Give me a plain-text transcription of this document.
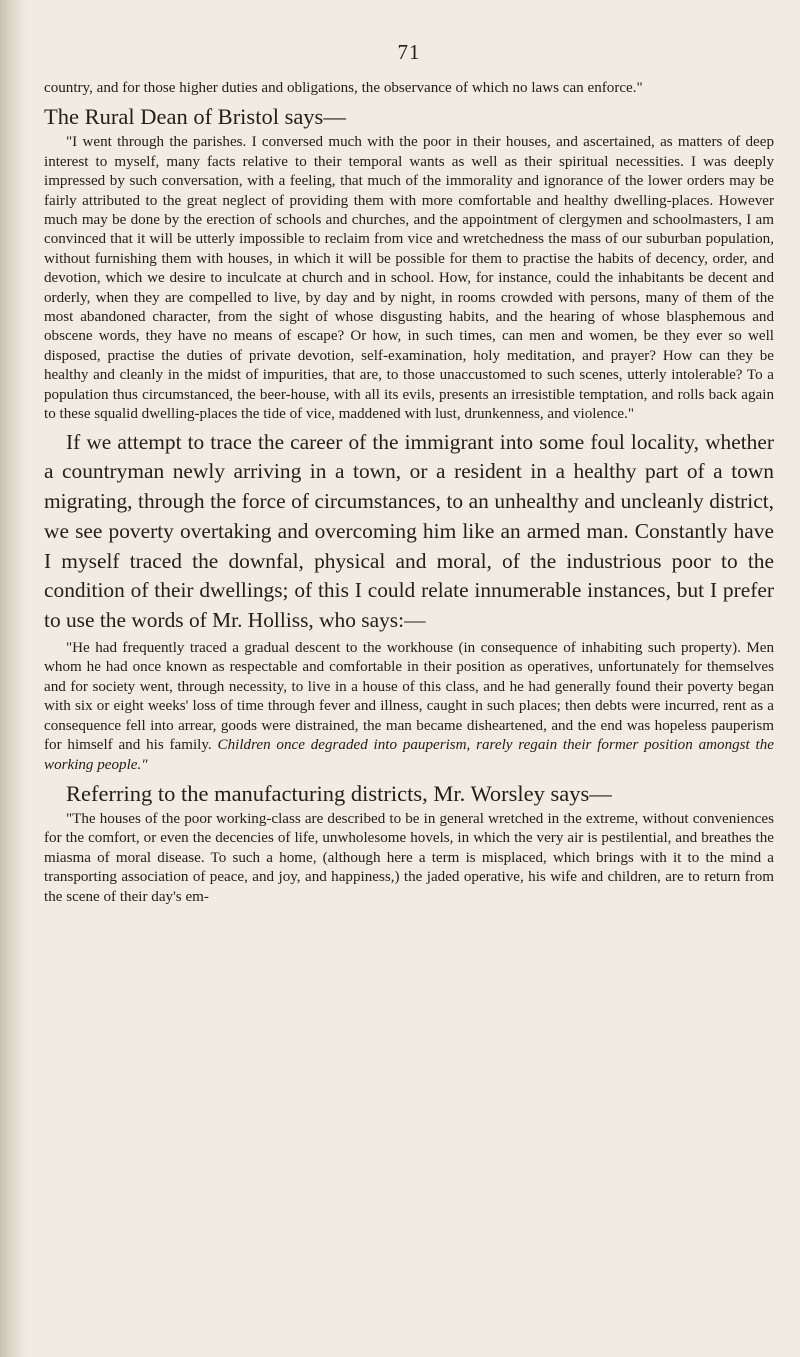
71

country, and for those higher duties and obligations, the observance of which no laws can enforce."

The Rural Dean of Bristol says—

"I went through the parishes. I conversed much with the poor in their houses, and ascertained, as matters of deep interest to myself, many facts relative to their temporal wants as well as their spiritual necessities. I was deeply impressed by such conversation, with a feeling, that much of the immorality and ignorance of the lower orders may be fairly attributed to the great neglect of providing them with more comfortable and healthy dwelling-places. However much may be done by the erection of schools and churches, and the appointment of clergymen and schoolmasters, I am convinced that it will be utterly impossible to reclaim from vice and wretchedness the mass of our suburban population, without furnishing them with houses, in which it will be possible for them to practise the habits of decency, order, and devotion, which we desire to inculcate at church and in school. How, for instance, could the inhabitants be decent and orderly, when they are compelled to live, by day and by night, in rooms crowded with persons, many of them of the most abandoned character, from the sight of whose disgusting habits, and the hearing of whose blasphemous and obscene words, they have no means of escape? Or how, in such times, can men and women, be they ever so well disposed, practise the duties of private devotion, self-examination, holy meditation, and prayer? How can they be healthy and cleanly in the midst of impurities, that are, to those unaccustomed to such scenes, utterly intolerable? To a population thus circumstanced, the beer-house, with all its evils, presents an irresistible temptation, and rolls back again to these squalid dwelling-places the tide of vice, maddened with lust, drunkenness, and violence."

If we attempt to trace the career of the immigrant into some foul locality, whether a countryman newly arriving in a town, or a resident in a healthy part of a town migrating, through the force of circumstances, to an unhealthy and uncleanly district, we see poverty overtaking and overcoming him like an armed man. Constantly have I myself traced the downfal, physical and moral, of the industrious poor to the condition of their dwellings; of this I could relate innumerable instances, but I prefer to use the words of Mr. Holliss, who says:—

"He had frequently traced a gradual descent to the workhouse (in consequence of inhabiting such property). Men whom he had once known as respectable and comfortable in their position as operatives, unfortunately for themselves and for society went, through necessity, to live in a house of this class, and he had generally found their poverty began with six or eight weeks' loss of time through fever and illness, caught in such places; then debts were incurred, rent as a consequence fell into arrear, goods were distrained, the man became disheartened, and the end was hopeless pauperism for himself and his family. Children once degraded into pauperism, rarely regain their former position amongst the working people."

Referring to the manufacturing districts, Mr. Worsley says—

"The houses of the poor working-class are described to be in general wretched in the extreme, without conveniences for the comfort, or even the decencies of life, unwholesome hovels, in which the very air is pestilential, and breathes the miasma of moral disease. To such a home, (although here a term is misplaced, which brings with it to the mind a transporting association of peace, and joy, and happiness,) the jaded operative, his wife and children, are to return from the scene of their day's em-
